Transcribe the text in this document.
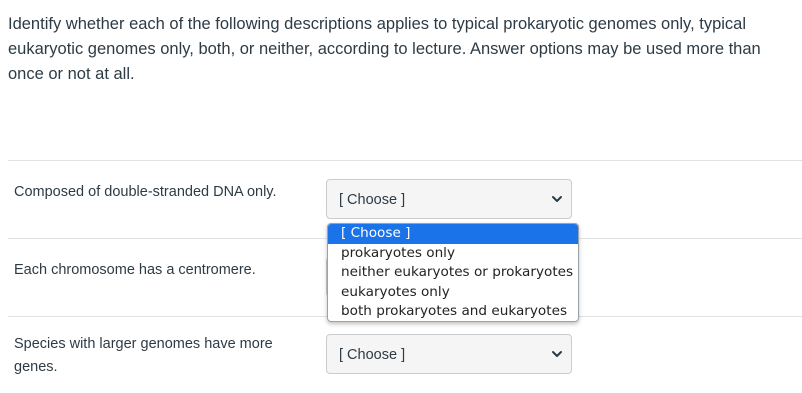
Identify whether each of the following descriptions applies to typical prokaryotic genomes only, typical eukaryotic genomes only, both, or neither, according to lecture. Answer options may be used more than once or not at all.

Composed of double-stranded DNA only.	[ Choose ]

Each chromosome has a centromere.

Species with larger genomes have more genes.

[ Choose ]
[ Choose ]
prokaryotes only
neither eukaryotes or prokaryotes
eukaryotes only
both prokaryotes and eukaryotes
